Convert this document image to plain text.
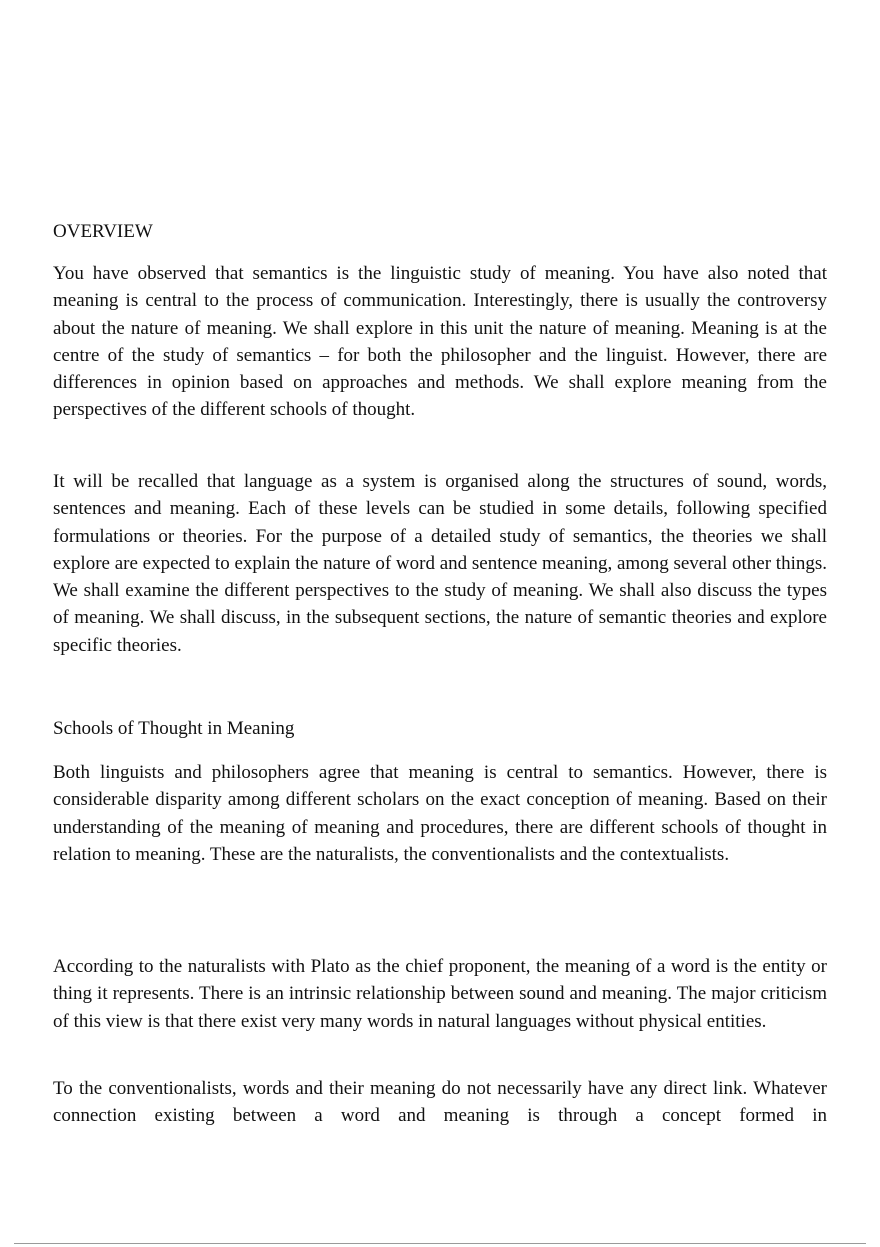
OVERVIEW

You have observed that semantics is the linguistic study of meaning. You have also noted that meaning is central to the process of communication. Interestingly, there is usually the controversy about the nature of meaning. We shall explore in this unit the nature of meaning. Meaning is at the centre of the study of semantics – for both the philosopher and the linguist. However, there are differences in opinion based on approaches and methods. We shall explore meaning from the perspectives of the different schools of thought.

It will be recalled that language as a system is organised along the structures of sound, words, sentences and meaning. Each of these levels can be studied in some details, following specified formulations or theories. For the purpose of a detailed study of semantics, the theories we shall explore are expected to explain the nature of word and sentence meaning, among several other things. We shall examine the different perspectives to the study of meaning. We shall also discuss the types of meaning. We shall discuss, in the subsequent sections, the nature of semantic theories and explore specific theories.

Schools of Thought in Meaning

Both linguists and philosophers agree that meaning is central to semantics. However, there is considerable disparity among different scholars on the exact conception of meaning. Based on their understanding of the meaning of meaning and procedures, there are different schools of thought in relation to meaning. These are the naturalists, the conventionalists and the contextualists.

According to the naturalists with Plato as the chief proponent, the meaning of a word is the entity or thing it represents. There is an intrinsic relationship between sound and meaning. The major criticism of this view is that there exist very many words in natural languages without physical entities.

To the conventionalists, words and their meaning do not necessarily have any direct link. Whatever connection existing between a word and meaning is through a concept formed in
